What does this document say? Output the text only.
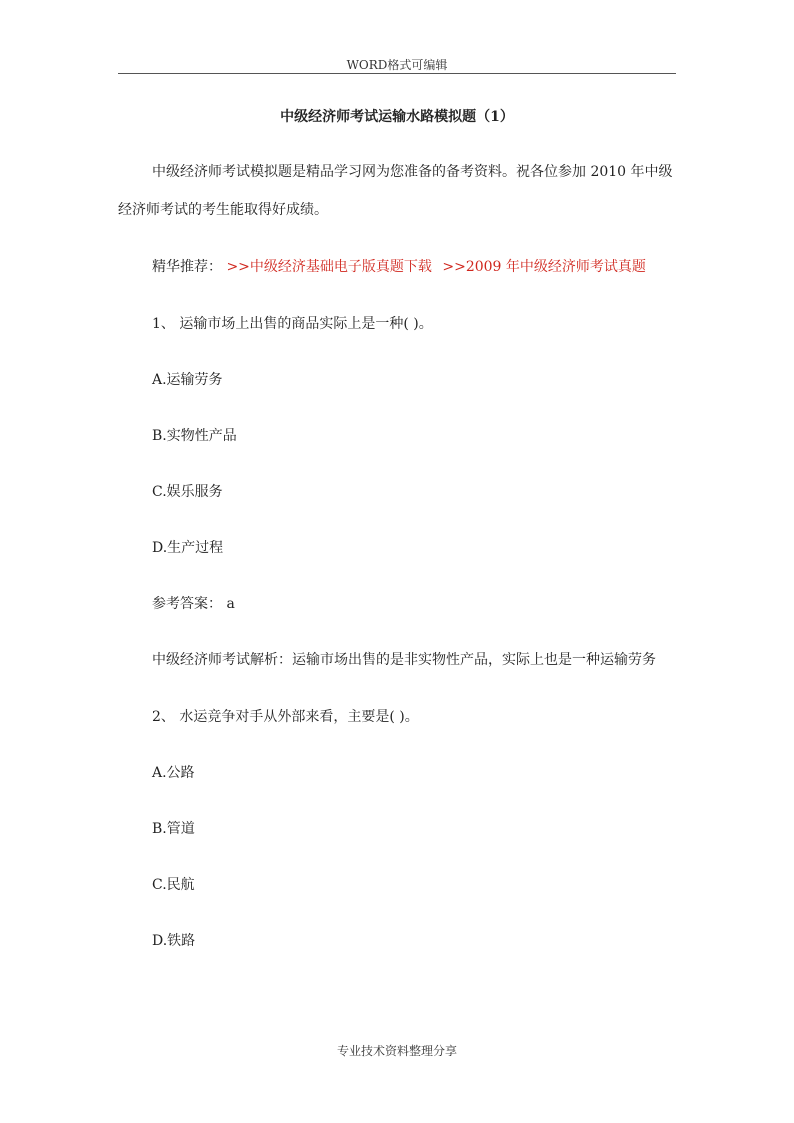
WORD格式可编辑
中级经济师考试运输水路模拟题（1）
中级经济师考试模拟题是精品学习网为您准备的备考资料。祝各位参加 2010 年中级经济师考试的考生能取得好成绩。
精华推荐： >>中级经济基础电子版真题下载 >>2009 年中级经济师考试真题
1、 运输市场上出售的商品实际上是一种( )。
A.运输劳务
B.实物性产品
C.娱乐服务
D.生产过程
参考答案： a
中级经济师考试解析：运输市场出售的是非实物性产品，实际上也是一种运输劳务
2、 水运竞争对手从外部来看，主要是( )。
A.公路
B.管道
C.民航
D.铁路
专业技术资料整理分享
